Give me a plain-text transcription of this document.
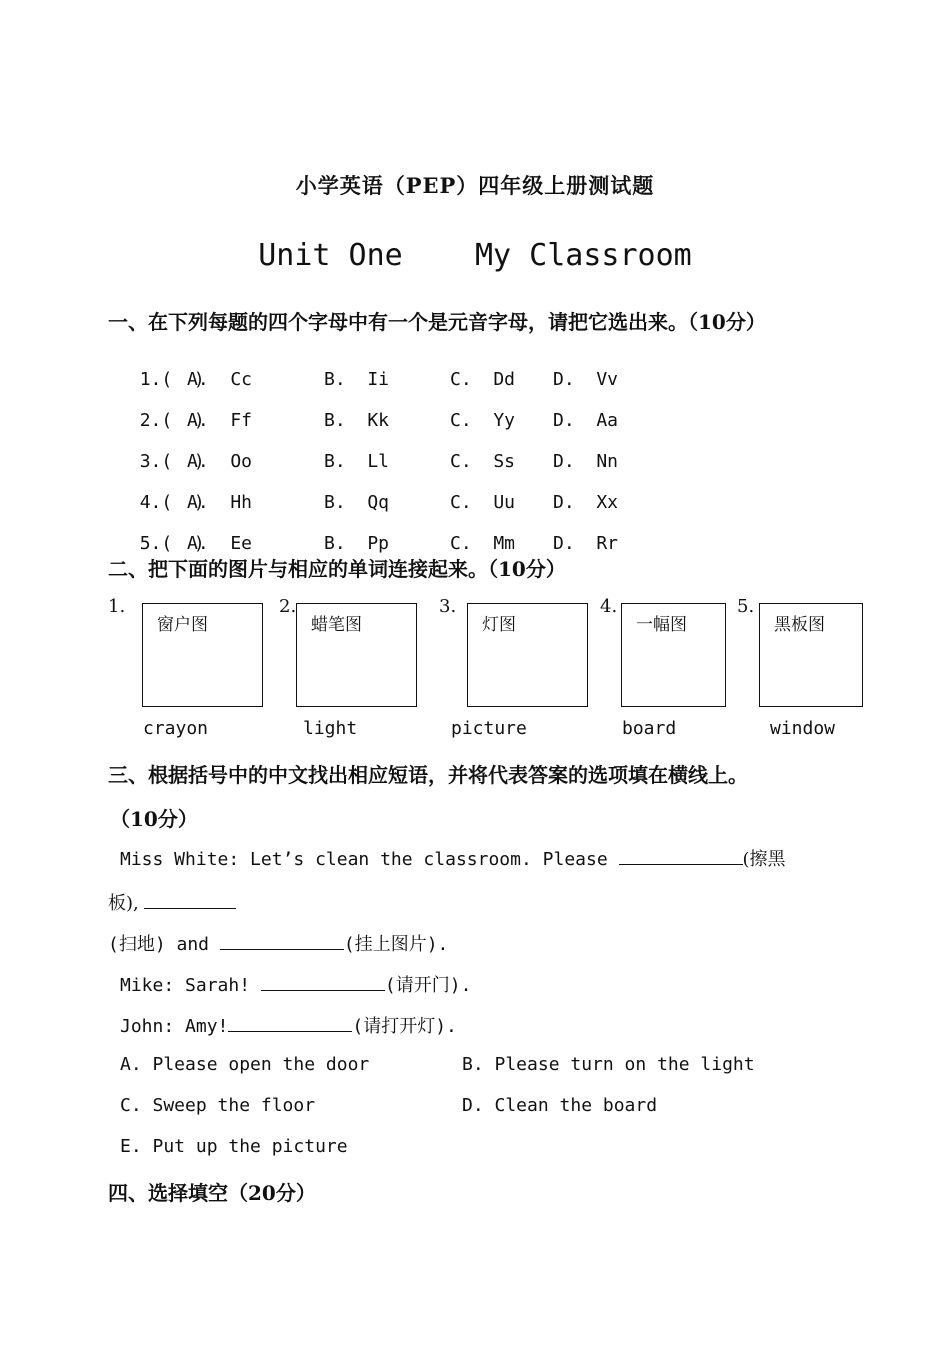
小学英语（PEP）四年级上册测试题
Unit One    My Classroom
一、在下列每题的四个字母中有一个是元音字母，请把它选出来。（10分）

1.(  )
A.  Cc	B.  Ii	C.  Dd D.  Vv

2.(  )
A.  Ff	B.  Kk	C.  Yy D.  Aa

3.(  )
A.  Oo	B.  Ll	C.  Ss D.  Nn

4.(  )
A.  Hh	B.  Qq	C.  Uu D.  Xx

5.(  )
A.  Ee	B.  Pp	C.  Mm D.  Rr

二、把下面的图片与相应的单词连接起来。（10分）
1.
窗户图
2.
蜡笔图
3.
灯图
4.
一幅图
5.
黑板图
crayon	light	picture	board	window
三、根据括号中的中文找出相应短语，并将代表答案的选项填在横线上。
（10分）
Miss White: Let’s clean the classroom. Please	(擦黑
板),
(扫地) and	(挂上图片).
Mike: Sarah!	(请开门).
John: Amy!	(请打开灯).
A. Please open the door	B. Please turn on the light
C. Sweep the floor	D. Clean the board
E. Put up the picture
四、选择填空（20分）
